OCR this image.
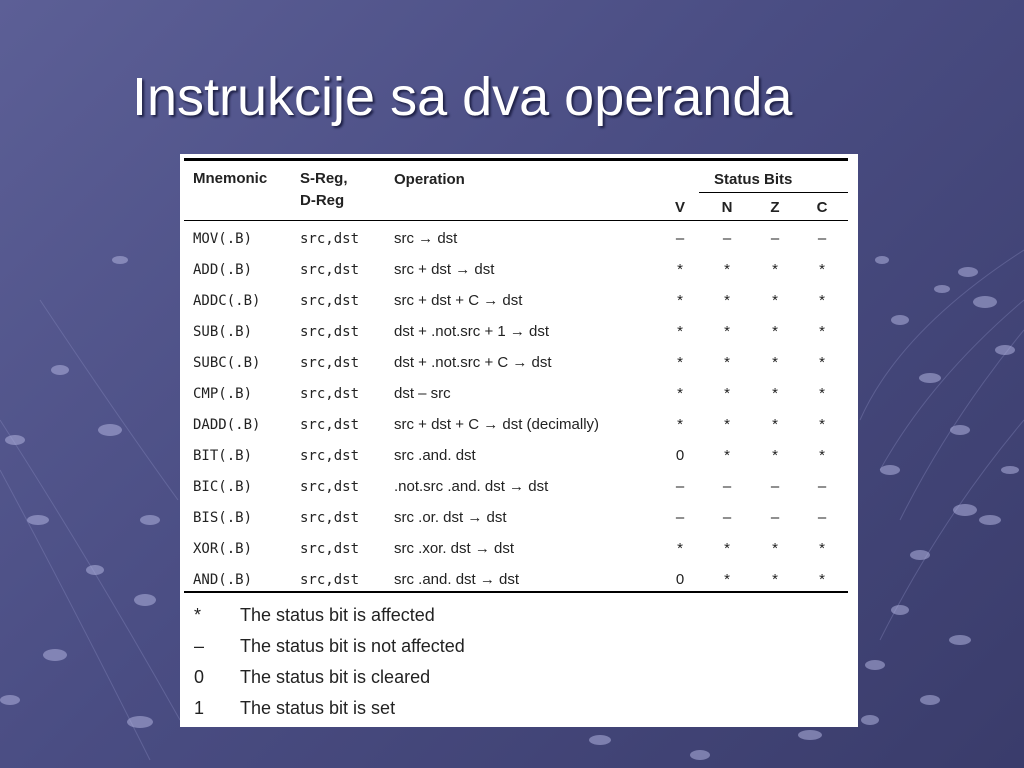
Instrukcije sa dva operanda
Mnemonic S-Reg,
D-Reg
Operation	Status Bits
V	N	Z	C
MOV(.B)	src,dst src → dst	–	–	–	–
ADD(.B)	src,dst src + dst → dst	*	*	*	*
ADDC(.B)	src,dst src + dst + C → dst	*	*	*	*
SUB(.B)	src,dst dst + .not.src + 1 → dst	*	*	*	*
SUBC(.B)	src,dst dst + .not.src + C → dst	*	*	*	*
CMP(.B)	src,dst dst – src	*	*	*	*
DADD(.B)	src,dst src + dst + C → dst (decimally)	*	*	*	*
BIT(.B)	src,dst src .and. dst	0	*	*	*
BIC(.B)	src,dst .not.src .and. dst → dst	–	–	–	–
BIS(.B)	src,dst src .or. dst → dst	–	–	–	–
XOR(.B)	src,dst src .xor. dst → dst	*	*	*	*
AND(.B)	src,dst src .and. dst → dst	0	*	*	*
* The status bit is affected
– The status bit is not affected
0 The status bit is cleared
1 The status bit is set
